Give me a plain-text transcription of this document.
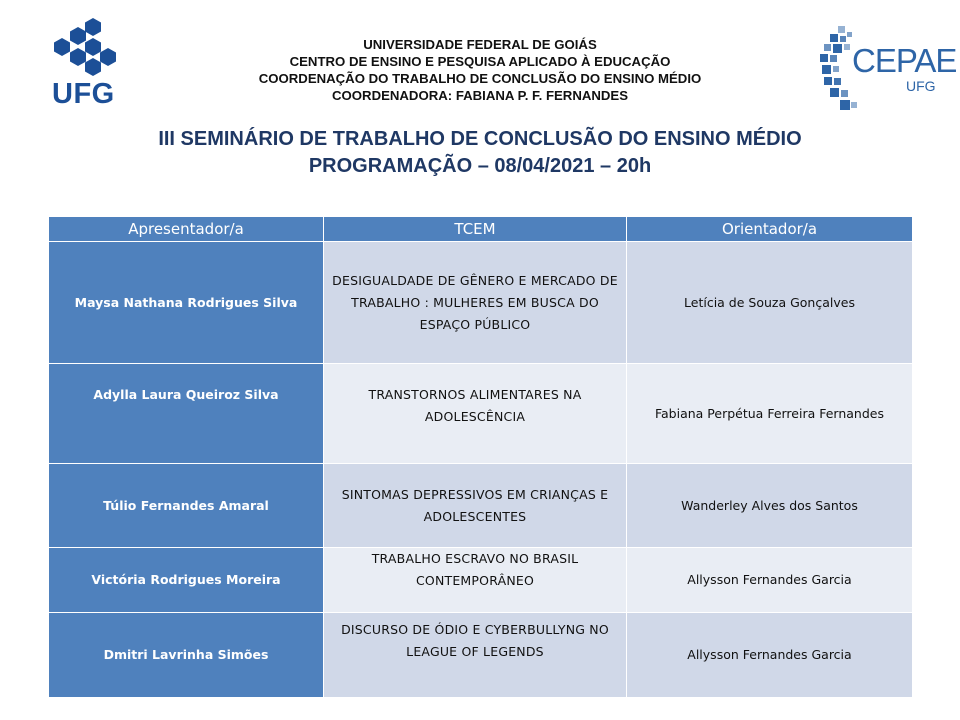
UFG
CEPAE
UFG
UNIVERSIDADE FEDERAL DE GOIÁS
CENTRO DE ENSINO E PESQUISA APLICADO À EDUCAÇÃO
COORDENAÇÃO DO TRABALHO DE CONCLUSÃO DO ENSINO MÉDIO
COORDENADORA: FABIANA P. F. FERNANDES
III SEMINÁRIO DE TRABALHO DE CONCLUSÃO DO ENSINO MÉDIO
PROGRAMAÇÃO – 08/04/2021 – 20h
Apresentador/a	TCEM	Orientador/a
Maysa Nathana Rodrigues Silva	DESIGUALDADE DE GÊNERO E MERCADO DE TRABALHO : MULHERES EM BUSCA DO ESPAÇO PÚBLICO	Letícia de Souza Gonçalves
Adylla Laura Queiroz Silva	TRANSTORNOS ALIMENTARES NA ADOLESCÊNCIA	Fabiana Perpétua Ferreira Fernandes
Túlio Fernandes Amaral	SINTOMAS DEPRESSIVOS EM CRIANÇAS E ADOLESCENTES	Wanderley Alves dos Santos
Victória Rodrigues Moreira	TRABALHO ESCRAVO NO BRASIL CONTEMPORÂNEO	Allysson Fernandes Garcia
Dmitri Lavrinha Simões	DISCURSO DE ÓDIO E CYBERBULLYNG NO LEAGUE OF LEGENDS	Allysson Fernandes Garcia
